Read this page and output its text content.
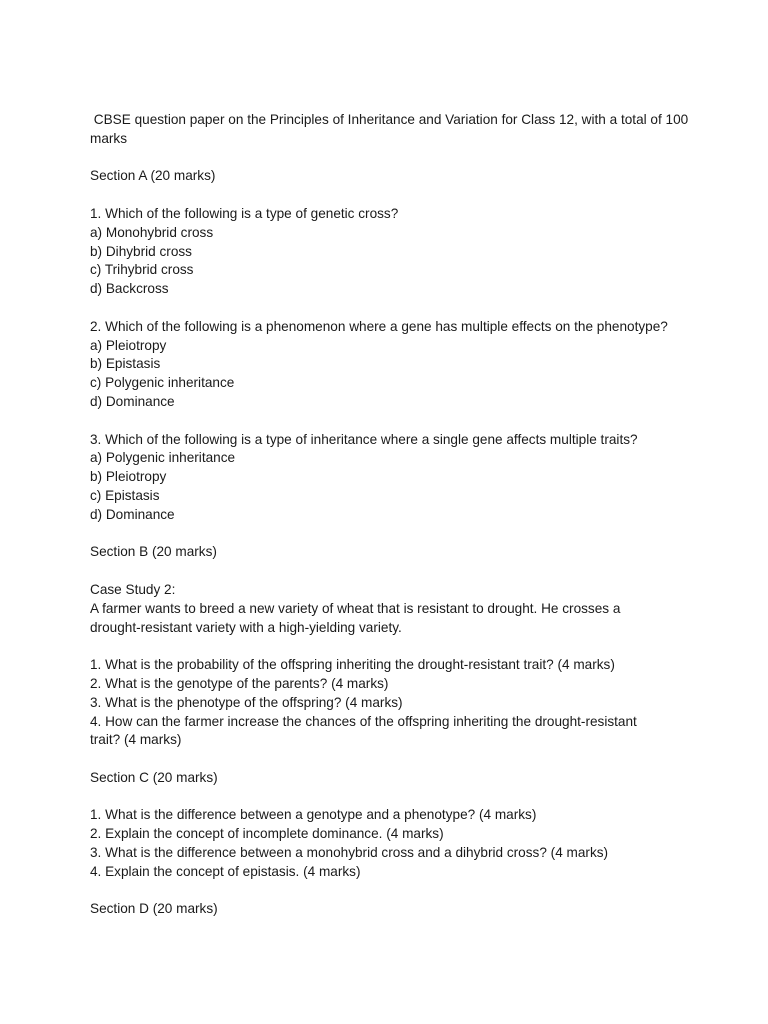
CBSE question paper on the Principles of Inheritance and Variation for Class 12, with a total of 100 marks

Section A (20 marks)

1. Which of the following is a type of genetic cross?

a) Monohybrid cross

b) Dihybrid cross

c) Trihybrid cross

d) Backcross

2. Which of the following is a phenomenon where a gene has multiple effects on the phenotype?

a) Pleiotropy

b) Epistasis

c) Polygenic inheritance

d) Dominance

3. Which of the following is a type of inheritance where a single gene affects multiple traits?

a) Polygenic inheritance

b) Pleiotropy

c) Epistasis

d) Dominance

Section B (20 marks)

Case Study 2:

A farmer wants to breed a new variety of wheat that is resistant to drought. He crosses a drought-resistant variety with a high-yielding variety.

1. What is the probability of the offspring inheriting the drought-resistant trait? (4 marks)

2. What is the genotype of the parents? (4 marks)

3. What is the phenotype of the offspring? (4 marks)

4. How can the farmer increase the chances of the offspring inheriting the drought-resistant trait? (4 marks)

Section C (20 marks)

1. What is the difference between a genotype and a phenotype? (4 marks)

2. Explain the concept of incomplete dominance. (4 marks)

3. What is the difference between a monohybrid cross and a dihybrid cross? (4 marks)

4. Explain the concept of epistasis. (4 marks)

Section D (20 marks)
